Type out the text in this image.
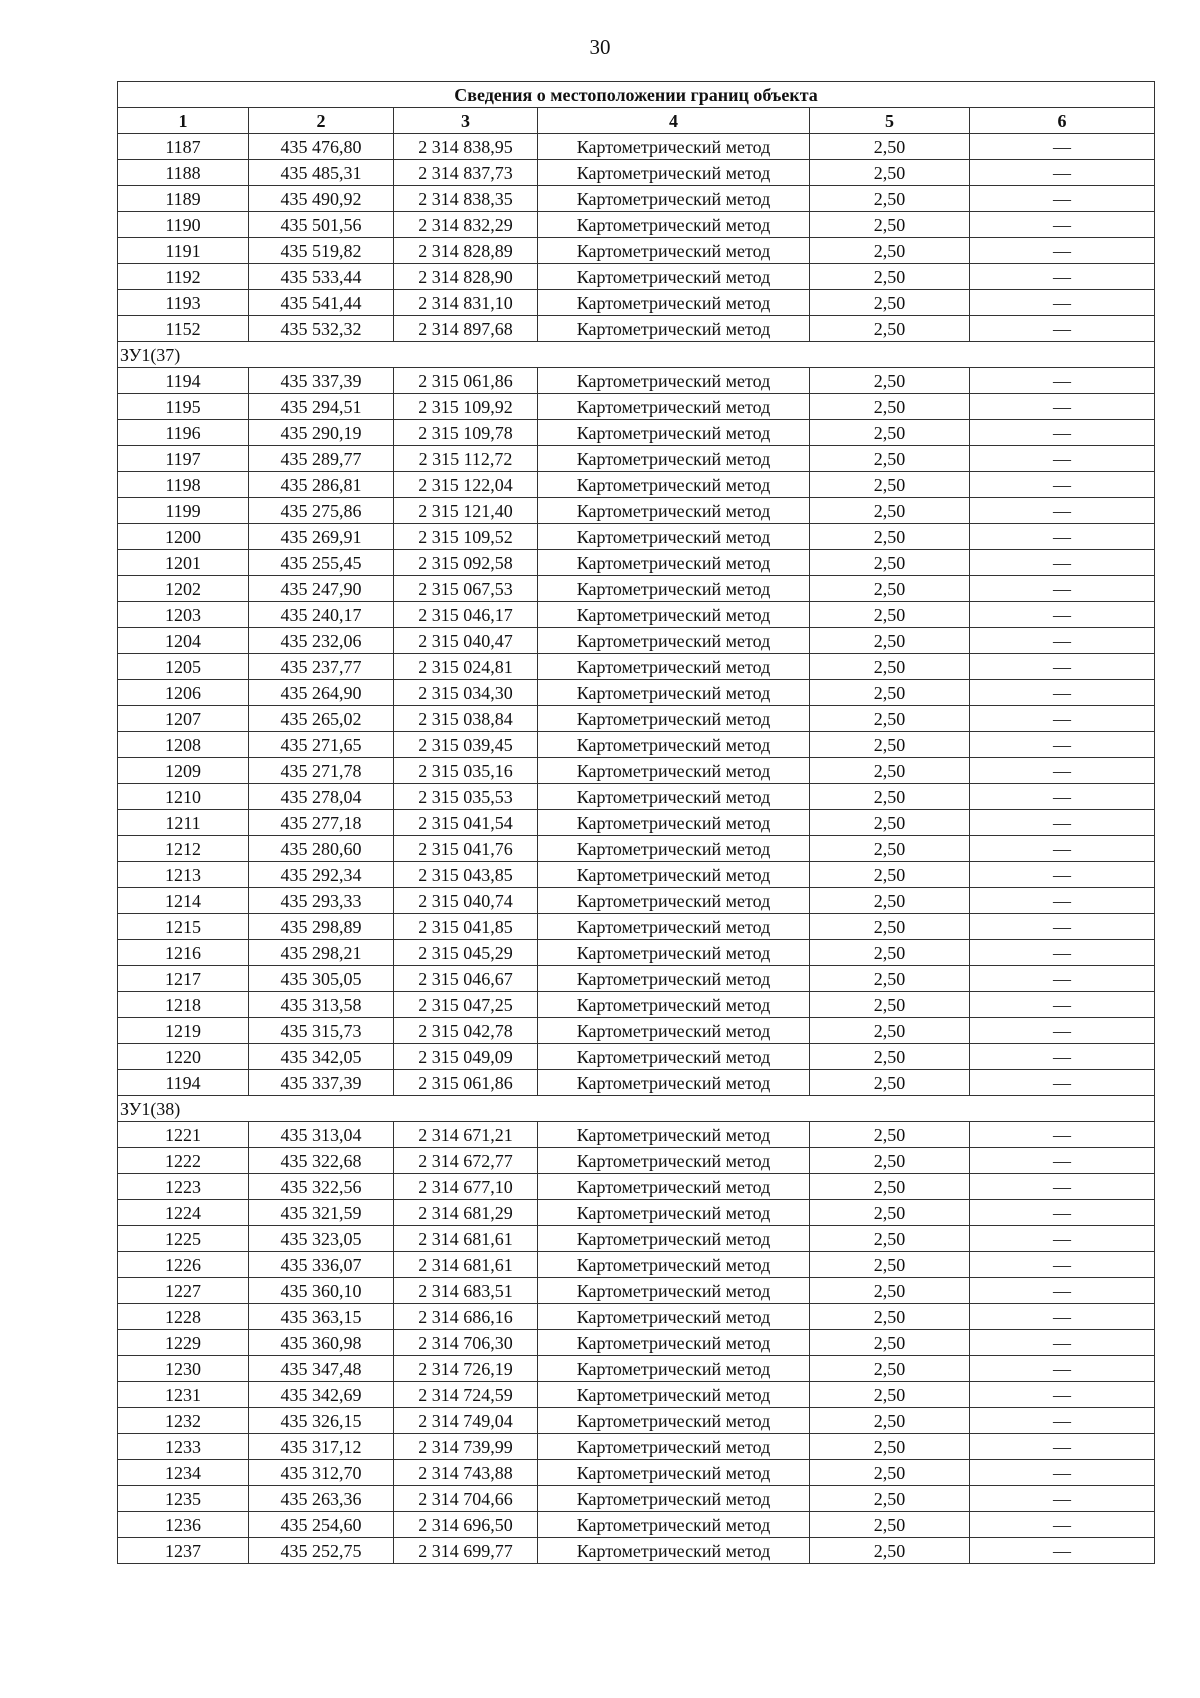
30
Сведения о местоположении границ объекта					
1	2	3	4	5	6
1187	435 476,80	2 314 838,95	Картометрический метод	2,50	—
1188	435 485,31	2 314 837,73	Картометрический метод	2,50	—
1189	435 490,92	2 314 838,35	Картометрический метод	2,50	—
1190	435 501,56	2 314 832,29	Картометрический метод	2,50	—
1191	435 519,82	2 314 828,89	Картометрический метод	2,50	—
1192	435 533,44	2 314 828,90	Картометрический метод	2,50	—
1193	435 541,44	2 314 831,10	Картометрический метод	2,50	—
1152	435 532,32	2 314 897,68	Картометрический метод	2,50	—
ЗУ1(37)					
1194	435 337,39	2 315 061,86	Картометрический метод	2,50	—
1195	435 294,51	2 315 109,92	Картометрический метод	2,50	—
1196	435 290,19	2 315 109,78	Картометрический метод	2,50	—
1197	435 289,77	2 315 112,72	Картометрический метод	2,50	—
1198	435 286,81	2 315 122,04	Картометрический метод	2,50	—
1199	435 275,86	2 315 121,40	Картометрический метод	2,50	—
1200	435 269,91	2 315 109,52	Картометрический метод	2,50	—
1201	435 255,45	2 315 092,58	Картометрический метод	2,50	—
1202	435 247,90	2 315 067,53	Картометрический метод	2,50	—
1203	435 240,17	2 315 046,17	Картометрический метод	2,50	—
1204	435 232,06	2 315 040,47	Картометрический метод	2,50	—
1205	435 237,77	2 315 024,81	Картометрический метод	2,50	—
1206	435 264,90	2 315 034,30	Картометрический метод	2,50	—
1207	435 265,02	2 315 038,84	Картометрический метод	2,50	—
1208	435 271,65	2 315 039,45	Картометрический метод	2,50	—
1209	435 271,78	2 315 035,16	Картометрический метод	2,50	—
1210	435 278,04	2 315 035,53	Картометрический метод	2,50	—
1211	435 277,18	2 315 041,54	Картометрический метод	2,50	—
1212	435 280,60	2 315 041,76	Картометрический метод	2,50	—
1213	435 292,34	2 315 043,85	Картометрический метод	2,50	—
1214	435 293,33	2 315 040,74	Картометрический метод	2,50	—
1215	435 298,89	2 315 041,85	Картометрический метод	2,50	—
1216	435 298,21	2 315 045,29	Картометрический метод	2,50	—
1217	435 305,05	2 315 046,67	Картометрический метод	2,50	—
1218	435 313,58	2 315 047,25	Картометрический метод	2,50	—
1219	435 315,73	2 315 042,78	Картометрический метод	2,50	—
1220	435 342,05	2 315 049,09	Картометрический метод	2,50	—
1194	435 337,39	2 315 061,86	Картометрический метод	2,50	—
ЗУ1(38)					
1221	435 313,04	2 314 671,21	Картометрический метод	2,50	—
1222	435 322,68	2 314 672,77	Картометрический метод	2,50	—
1223	435 322,56	2 314 677,10	Картометрический метод	2,50	—
1224	435 321,59	2 314 681,29	Картометрический метод	2,50	—
1225	435 323,05	2 314 681,61	Картометрический метод	2,50	—
1226	435 336,07	2 314 681,61	Картометрический метод	2,50	—
1227	435 360,10	2 314 683,51	Картометрический метод	2,50	—
1228	435 363,15	2 314 686,16	Картометрический метод	2,50	—
1229	435 360,98	2 314 706,30	Картометрический метод	2,50	—
1230	435 347,48	2 314 726,19	Картометрический метод	2,50	—
1231	435 342,69	2 314 724,59	Картометрический метод	2,50	—
1232	435 326,15	2 314 749,04	Картометрический метод	2,50	—
1233	435 317,12	2 314 739,99	Картометрический метод	2,50	—
1234	435 312,70	2 314 743,88	Картометрический метод	2,50	—
1235	435 263,36	2 314 704,66	Картометрический метод	2,50	—
1236	435 254,60	2 314 696,50	Картометрический метод	2,50	—
1237	435 252,75	2 314 699,77	Картометрический метод	2,50	—
